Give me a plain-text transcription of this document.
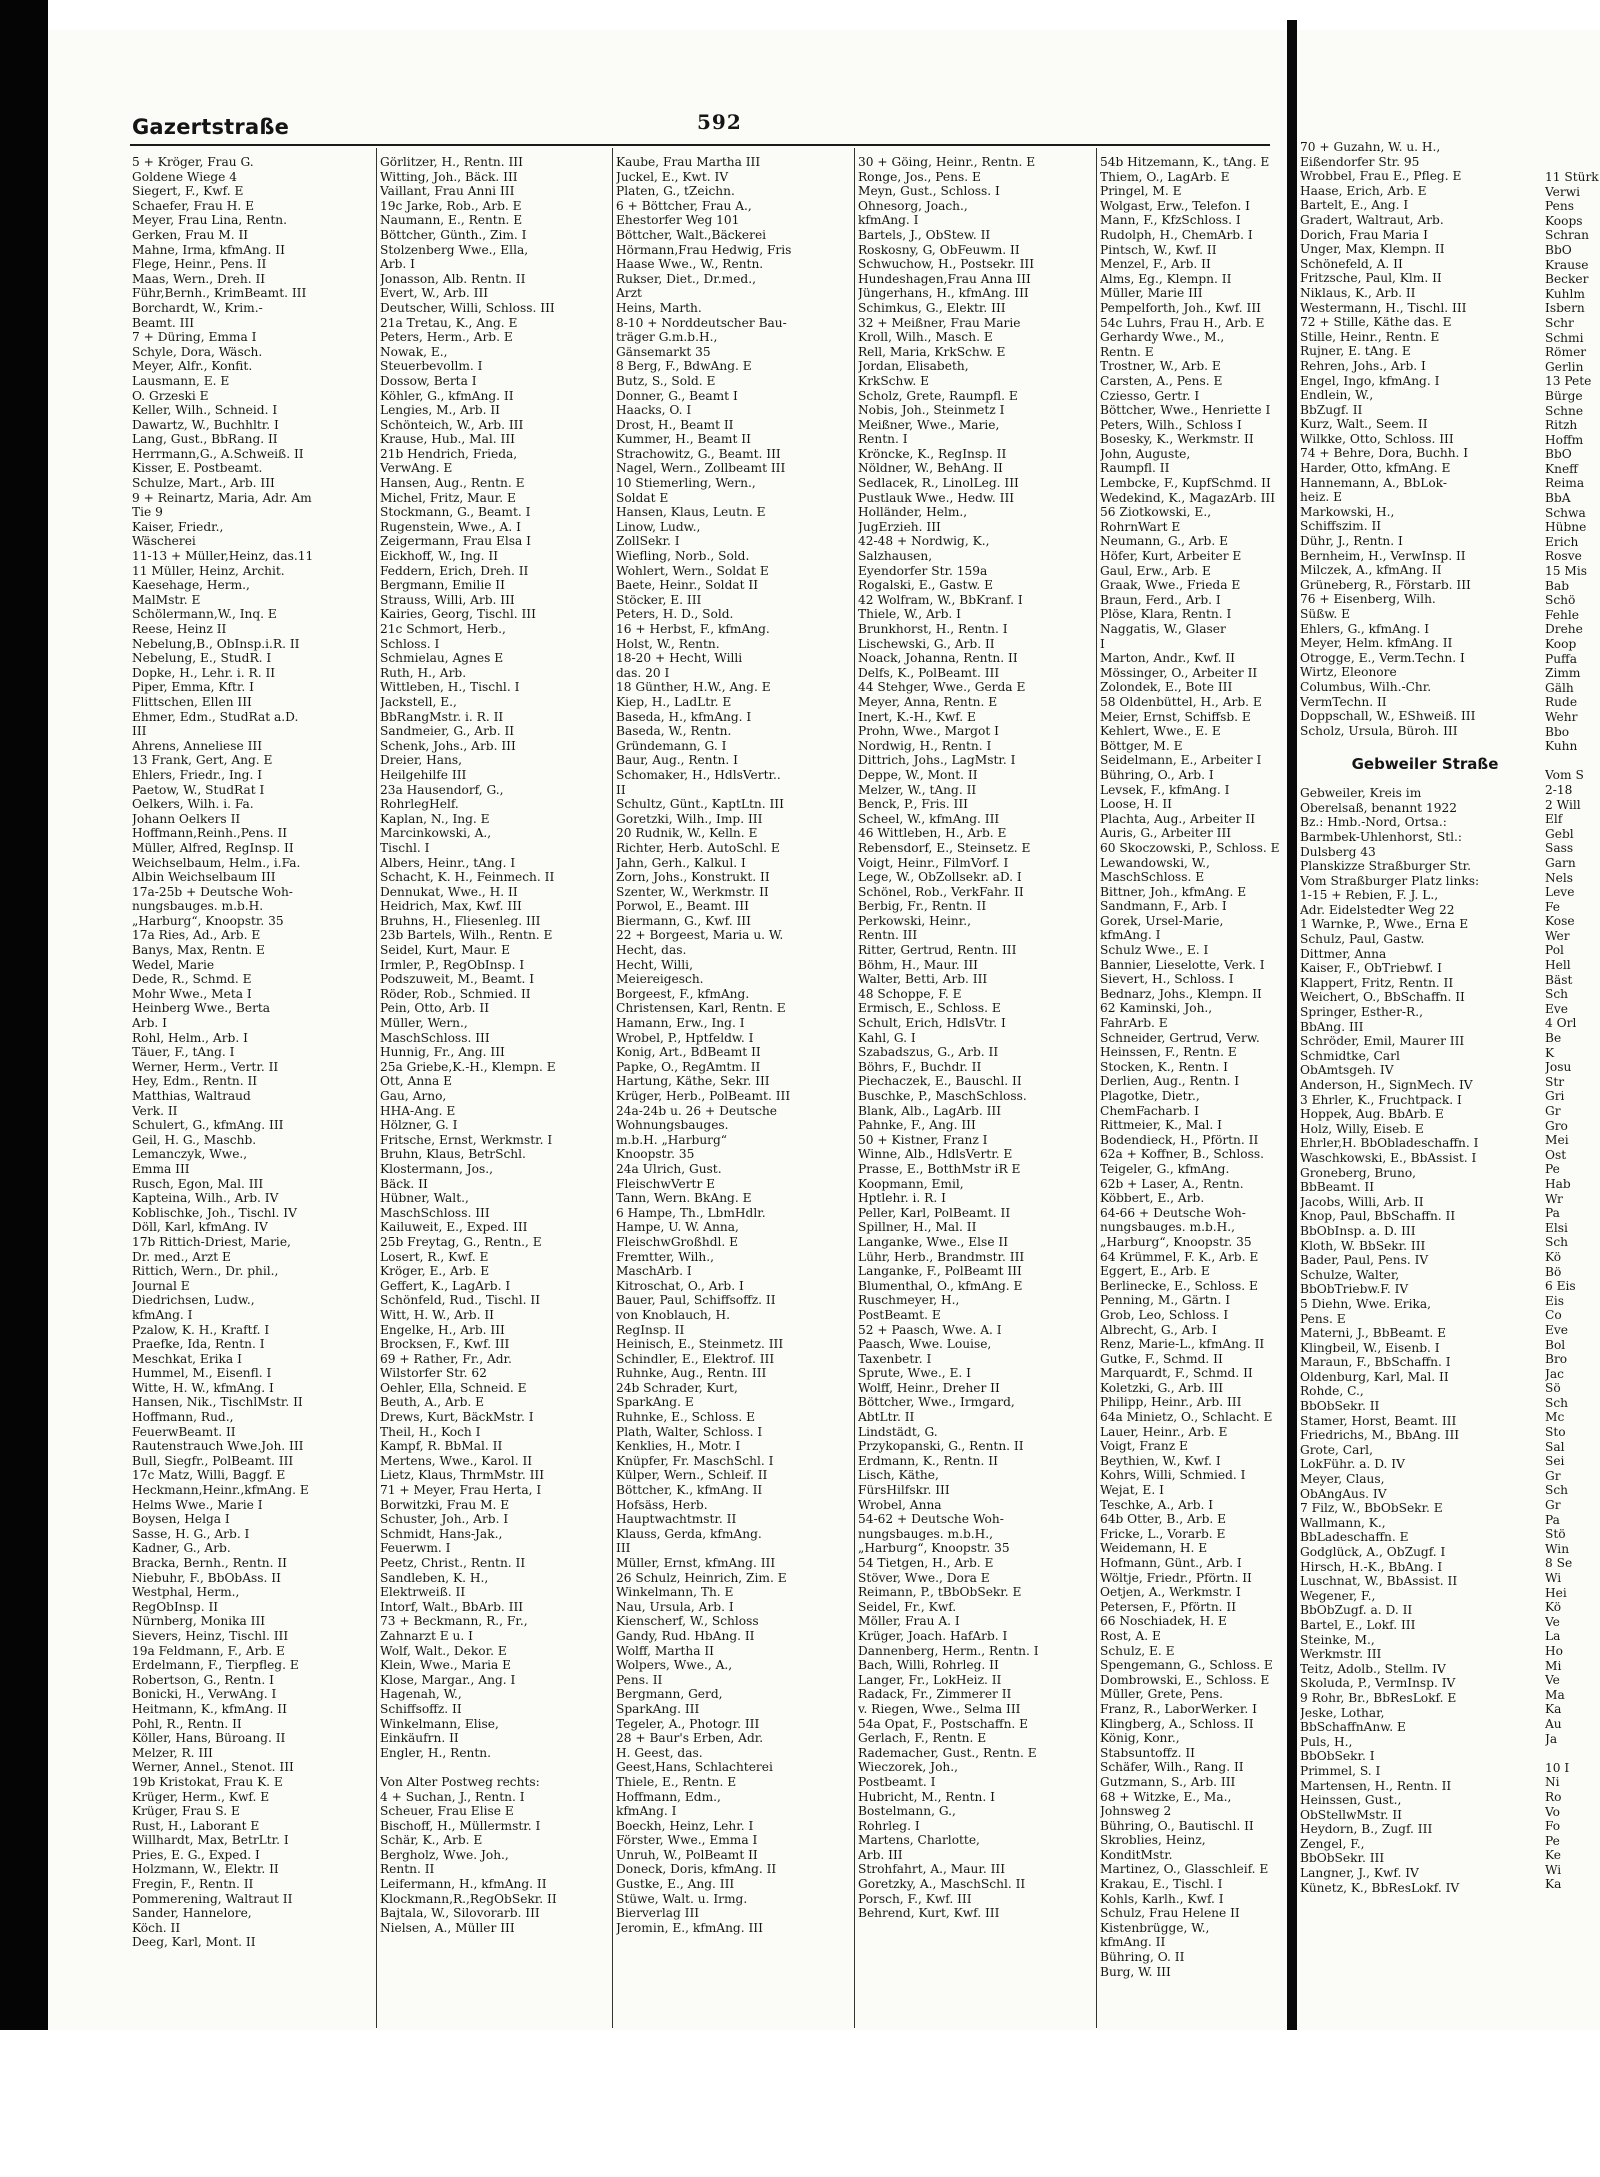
11 Stürk
Verwi
Pens
Koops
Schran
BbO
Krause
Becker
Kuhlm
Isbern
Schr
Schmi
Römer
Gerlin
13 Pete
Bürge
Schne
Ritzh
Hoffm
BbO
Kneff
Reima
BbA
Schwa
Hübne
Erich
Rosve
15 Mis
Bab
Schö
Fehle
Drehe
Koop
Puffa
Zimm
Gälh
Rude
Wehr
Bbo
Kuhn
Vom S
2-18
2 Will
Elf
Gebl
Sass
Garn
Nels
Leve
Fe
Kose
Wer
Pol
Hell
Bäst
Sch
Eve
4 Orl
Be
K
Josu
Str
Gri
Gr
Gro
Mei
Ost
Pe
Hab
Wr
Pa
Elsi
Sch
Kö
Bö
6 Eis
Eis
Co
Eve
Bol
Bro
Jac
Sö
Sch
Mc
Sto
Sal
Sei
Gr
Sch
Gr
Pa
Stö
Win
8 Se
Wi
Hei
Kö
Ve
La
Ho
Mi
Ve
Ma
Ka
Au
Ja
10 I
Ni
Ro
Vo
Fo
Pe
Ke
Wi
Ka
Gazertstraße	592
5 + Kröger, Frau G.
Goldene Wiege 4
Siegert, F., Kwf. E
Schaefer, Frau H. E
Meyer, Frau Lina, Rentn.
Gerken, Frau M. II
Mahne, Irma, kfmAng. II
Flege, Heinr., Pens. II
Maas, Wern., Dreh. II
Führ,Bernh., KrimBeamt. III
Borchardt, W., Krim.-
Beamt. III
7 + Düring, Emma I
Schyle, Dora, Wäsch.
Meyer, Alfr., Konfit.
Lausmann, E. E
O. Grzeski E
Keller, Wilh., Schneid. I
Dawartz, W., Buchhltr. I
Lang, Gust., BbRang. II
Herrmann,G., A.Schweiß. II
Kisser, E. Postbeamt.
Schulze, Mart., Arb. III
9 + Reinartz, Maria, Adr. Am
Tie 9
Kaiser, Friedr.,
Wäscherei
11-13 + Müller,Heinz, das.11
11 Müller, Heinz, Archit.
Kaesehage, Herm.,
MalMstr. E
Schölermann,W., Inq. E
Reese, Heinz II
Nebelung,B., ObInsp.i.R. II
Nebelung, E., StudR. I
Dopke, H., Lehr. i. R. II
Piper, Emma, Kftr. I
Flittschen, Ellen III
Ehmer, Edm., StudRat a.D.
III
Ahrens, Anneliese III
13 Frank, Gert, Ang. E
Ehlers, Friedr., Ing. I
Paetow, W., StudRat I
Oelkers, Wilh. i. Fa.
Johann Oelkers II
Hoffmann,Reinh.,Pens. II
Müller, Alfred, RegInsp. II
Weichselbaum, Helm., i.Fa.
Albin Weichselbaum III
17a-25b + Deutsche Woh-
nungsbauges. m.b.H.
„Harburg“, Knoopstr. 35
17a Ries, Ad., Arb. E
Banys, Max, Rentn. E
Wedel, Marie
Dede, R., Schmd. E
Mohr Wwe., Meta I
Heinberg Wwe., Berta
Arb. I
Rohl, Helm., Arb. I
Täuer, F., tAng. I
Werner, Herm., Vertr. II
Hey, Edm., Rentn. II
Matthias, Waltraud
Verk. II
Schulert, G., kfmAng. III
Geil, H. G., Maschb.
Lemanczyk, Wwe.,
Emma III
Rusch, Egon, Mal. III
Kapteina, Wilh., Arb. IV
Koblischke, Joh., Tischl. IV
Döll, Karl, kfmAng. IV
17b Rittich-Driest, Marie,
Dr. med., Arzt E
Rittich, Wern., Dr. phil.,
Journal E
Diedrichsen, Ludw.,
kfmAng. I
Pzalow, K. H., Kraftf. I
Praefke, Ida, Rentn. I
Meschkat, Erika I
Hummel, M., Eisenfl. I
Witte, H. W., kfmAng. I
Hansen, Nik., TischlMstr. II
Hoffmann, Rud.,
FeuerwBeamt. II
Rautenstrauch Wwe.Joh. III
Bull, Siegfr., PolBeamt. III
17c Matz, Willi, Baggf. E
Heckmann,Heinr.,kfmAng. E
Helms Wwe., Marie I
Boysen, Helga I
Sasse, H. G., Arb. I
Kadner, G., Arb.
Bracka, Bernh., Rentn. II
Niebuhr, F., BbObAss. II
Westphal, Herm.,
RegObInsp. II
Nürnberg, Monika III
Sievers, Heinz, Tischl. III
19a Feldmann, F., Arb. E
Erdelmann, F., Tierpfleg. E
Robertson, G., Rentn. I
Bonicki, H., VerwAng. I
Heitmann, K., kfmAng. II
Pohl, R., Rentn. II
Köller, Hans, Büroang. II
Melzer, R. III
Werner, Annel., Stenot. III
19b Kristokat, Frau K. E
Krüger, Herm., Kwf. E
Krüger, Frau S. E
Rust, H., Laborant E
Willhardt, Max, BetrLtr. I
Pries, E. G., Exped. I
Holzmann, W., Elektr. II
Fregin, F., Rentn. II
Pommerening, Waltraut II
Sander, Hannelore,
Köch. II
Deeg, Karl, Mont. II
Görlitzer, H., Rentn. III
Witting, Joh., Bäck. III
Vaillant, Frau Anni III
19c Jarke, Rob., Arb. E
Naumann, E., Rentn. E
Böttcher, Günth., Zim. I
Stolzenberg Wwe., Ella,
Arb. I
Jonasson, Alb. Rentn. II
Evert, W., Arb. III
Deutscher, Willi, Schloss. III
21a Tretau, K., Ang. E
Peters, Herm., Arb. E
Nowak, E.,
Steuerbevollm. I
Dossow, Berta I
Köhler, G., kfmAng. II
Lengies, M., Arb. II
Schönteich, W., Arb. III
Krause, Hub., Mal. III
21b Hendrich, Frieda,
VerwAng. E
Hansen, Aug., Rentn. E
Michel, Fritz, Maur. E
Stockmann, G., Beamt. I
Rugenstein, Wwe., A. I
Zeigermann, Frau Elsa I
Eickhoff, W., Ing. II
Feddern, Erich, Dreh. II
Bergmann, Emilie II
Strauss, Willi, Arb. III
Kairies, Georg, Tischl. III
21c Schmort, Herb.,
Schloss. I
Schmielau, Agnes E
Ruth, H., Arb.
Wittleben, H., Tischl. I
Jackstell, E.,
BbRangMstr. i. R. II
Sandmeier, G., Arb. II
Schenk, Johs., Arb. III
Dreier, Hans,
Heilgehilfe III
23a Hausendorf, G.,
RohrlegHelf.
Kaplan, N., Ing. E
Marcinkowski, A.,
Tischl. I
Albers, Heinr., tAng. I
Schacht, K. H., Feinmech. II
Dennukat, Wwe., H. II
Heidrich, Max, Kwf. III
Bruhns, H., Fliesenleg. III
23b Bartels, Wilh., Rentn. E
Seidel, Kurt, Maur. E
Irmler, P., RegObInsp. I
Podszuweit, M., Beamt. I
Röder, Rob., Schmied. II
Pein, Otto, Arb. II
Müller, Wern.,
MaschSchloss. III
Hunnig, Fr., Ang. III
25a Griebe,K.-H., Klempn. E
Ott, Anna E
Gau, Arno,
HHA-Ang. E
Hölzner, G. I
Fritsche, Ernst, Werkmstr. I
Bruhn, Klaus, BetrSchl.
Klostermann, Jos.,
Bäck. II
Hübner, Walt.,
MaschSchloss. III
Kailuweit, E., Exped. III
25b Freytag, G., Rentn., E
Losert, R., Kwf. E
Kröger, E., Arb. E
Geffert, K., LagArb. I
Schönfeld, Rud., Tischl. II
Witt, H. W., Arb. II
Engelke, H., Arb. III
Brocksen, F., Kwf. III
69 + Rather, Fr., Adr.
Wilstorfer Str. 62
Oehler, Ella, Schneid. E
Beuth, A., Arb. E
Drews, Kurt, BäckMstr. I
Theil, H., Koch I
Kampf, R. BbMal. II
Mertens, Wwe., Karol. II
Lietz, Klaus, ThrmMstr. III
71 + Meyer, Frau Herta, I
Borwitzki, Frau M. E
Schuster, Joh., Arb. I
Schmidt, Hans-Jak.,
Feuerwm. I
Peetz, Christ., Rentn. II
Sandleben, K. H.,
Elektrweiß. II
Intorf, Walt., BbArb. III
73 + Beckmann, R., Fr.,
Zahnarzt E u. I
Wolf, Walt., Dekor. E
Klein, Wwe., Maria E
Klose, Margar., Ang. I
Hagenah, W.,
Schiffsoffz. II
Winkelmann, Elise,
Einkäufrn. II
Engler, H., Rentn.
Von Alter Postweg rechts:
4 + Suchan, J., Rentn. I
Scheuer, Frau Elise E
Bischoff, H., Müllermstr. I
Schär, K., Arb. E
Bergholz, Wwe. Joh.,
Rentn. II
Leifermann, H., kfmAng. II
Klockmann,R.,RegObSekr. II
Bajtala, W., Silovorarb. III
Nielsen, A., Müller III
Kaube, Frau Martha III
Juckel, E., Kwt. IV
Platen, G., tZeichn.
6 + Böttcher, Frau A.,
Ehestorfer Weg 101
Böttcher, Walt.,Bäckerei
Hörmann,Frau Hedwig, Fris
Haase Wwe., W., Rentn.
Rukser, Diet., Dr.med.,
Arzt
Heins, Marth.
8-10 + Norddeutscher Bau-
träger G.m.b.H.,
Gänsemarkt 35
8 Berg, F., BdwAng. E
Butz, S., Sold. E
Donner, G., Beamt I
Haacks, O. I
Drost, H., Beamt II
Kummer, H., Beamt II
Strachowitz, G., Beamt. III
Nagel, Wern., Zollbeamt III
10 Stiemerling, Wern.,
Soldat E
Hansen, Klaus, Leutn. E
Linow, Ludw.,
ZollSekr. I
Wiefling, Norb., Sold.
Wohlert, Wern., Soldat E
Baete, Heinr., Soldat II
Stöcker, E. III
Peters, H. D., Sold.
16 + Herbst, F., kfmAng.
Holst, W., Rentn.
18-20 + Hecht, Willi
das. 20 I
18 Günther, H.W., Ang. E
Kiep, H., LadLtr. E
Baseda, H., kfmAng. I
Baseda, W., Rentn.
Gründemann, G. I
Baur, Aug., Rentn. I
Schomaker, H., HdlsVertr..
II
Schultz, Günt., KaptLtn. III
Goretzki, Wilh., Imp. III
20 Rudnik, W., Kelln. E
Richter, Herb. AutoSchl. E
Jahn, Gerh., Kalkul. I
Zorn, Johs., Konstrukt. II
Szenter, W., Werkmstr. II
Porwol, E., Beamt. III
Biermann, G., Kwf. III
22 + Borgeest, Maria u. W.
Hecht, das.
Hecht, Willi,
Meiereigesch.
Borgeest, F., kfmAng.
Christensen, Karl, Rentn. E
Hamann, Erw., Ing. I
Wrobel, P., Hptfeldw. I
Konig, Art., BdBeamt II
Papke, O., RegAmtm. II
Hartung, Käthe, Sekr. III
Krüger, Herb., PolBeamt. III
24a-24b u. 26 + Deutsche
Wohnungsbauges.
m.b.H. „Harburg“
Knoopstr. 35
24a Ulrich, Gust.
FleischwVertr E
Tann, Wern. BkAng. E
6 Hampe, Th., LbmHdlr.
Hampe, U. W. Anna,
FleischwGroßhdl. E
Fremtter, Wilh.,
MaschArb. I
Kitroschat, O., Arb. I
Bauer, Paul, Schiffsoffz. II
von Knoblauch, H.
RegInsp. II
Heinisch, E., Steinmetz. III
Schindler, E., Elektrof. III
Ruhnke, Aug., Rentn. III
24b Schrader, Kurt,
SparkAng. E
Ruhnke, E., Schloss. E
Plath, Walter, Schloss. I
Kenklies, H., Motr. I
Knüpfer, Fr. MaschSchl. I
Külper, Wern., Schleif. II
Böttcher, K., kfmAng. II
Hofsäss, Herb.
Hauptwachtmstr. II
Klauss, Gerda, kfmAng.
III
Müller, Ernst, kfmAng. III
26 Schulz, Heinrich, Zim. E
Winkelmann, Th. E
Nau, Ursula, Arb. I
Kienscherf, W., Schloss
Gandy, Rud. HbAng. II
Wolff, Martha II
Wolpers, Wwe., A.,
Pens. II
Bergmann, Gerd,
SparkAng. III
Tegeler, A., Photogr. III
28 + Baur's Erben, Adr.
H. Geest, das.
Geest,Hans, Schlachterei
Thiele, E., Rentn. E
Hoffmann, Edm.,
kfmAng. I
Boeckh, Heinz, Lehr. I
Förster, Wwe., Emma I
Unruh, W., PolBeamt II
Doneck, Doris, kfmAng. II
Gustke, E., Ang. III
Stüwe, Walt. u. Irmg.
Bierverlag III
Jeromin, E., kfmAng. III
30 + Göing, Heinr., Rentn. E
Ronge, Jos., Pens. E
Meyn, Gust., Schloss. I
Ohnesorg, Joach.,
kfmAng. I
Bartels, J., ObStew. II
Roskosny, G, ObFeuwm. II
Schwuchow, H., Postsekr. III
Hundeshagen,Frau Anna III
Jüngerhans, H., kfmAng. III
Schimkus, G., Elektr. III
32 + Meißner, Frau Marie
Kroll, Wilh., Masch. E
Rell, Maria, KrkSchw. E
Jordan, Elisabeth,
KrkSchw. E
Scholz, Grete, Raumpfl. E
Nobis, Joh., Steinmetz I
Meißner, Wwe., Marie,
Rentn. I
Kröncke, K., RegInsp. II
Nöldner, W., BehAng. II
Sedlacek, R., LinolLeg. III
Pustlauk Wwe., Hedw. III
Holländer, Helm.,
JugErzieh. III
42-48 + Nordwig, K.,
Salzhausen,
Eyendorfer Str. 159a
Rogalski, E., Gastw. E
42 Wolfram, W., BbKranf. I
Thiele, W., Arb. I
Brunkhorst, H., Rentn. I
Lischewski, G., Arb. II
Noack, Johanna, Rentn. II
Delfs, K., PolBeamt. III
44 Stehger, Wwe., Gerda E
Meyer, Anna, Rentn. E
Inert, K.-H., Kwf. E
Prohn, Wwe., Margot I
Nordwig, H., Rentn. I
Dittrich, Johs., LagMstr. I
Deppe, W., Mont. II
Melzer, W., tAng. II
Benck, P., Fris. III
Scheel, W., kfmAng. III
46 Wittleben, H., Arb. E
Rebensdorf, E., Steinsetz. E
Voigt, Heinr., FilmVorf. I
Lege, W., ObZollsekr. aD. I
Schönel, Rob., VerkFahr. II
Berbig, Fr., Rentn. II
Perkowski, Heinr.,
Rentn. III
Ritter, Gertrud, Rentn. III
Böhm, H., Maur. III
Walter, Betti, Arb. III
48 Schoppe, F. E
Ermisch, E., Schloss. E
Schult, Erich, HdlsVtr. I
Kahl, G. I
Szabadszus, G., Arb. II
Böhrs, F., Buchdr. II
Piechaczek, E., Bauschl. II
Buschke, P., MaschSchloss.
Blank, Alb., LagArb. III
Pahnke, F., Ang. III
50 + Kistner, Franz I
Winne, Alb., HdlsVertr. E
Prasse, E., BotthMstr iR E
Koopmann, Emil,
Hptlehr. i. R. I
Peller, Karl, PolBeamt. II
Spillner, H., Mal. II
Langanke, Wwe., Else II
Lühr, Herb., Brandmstr. III
Langanke, F., PolBeamt III
Blumenthal, O., kfmAng. E
Ruschmeyer, H.,
PostBeamt. E
52 + Paasch, Wwe. A. I
Paasch, Wwe. Louise,
Taxenbetr. I
Sprute, Wwe., E. I
Wolff, Heinr., Dreher II
Böttcher, Wwe., Irmgard,
AbtLtr. II
Lindstädt, G.
Przykopanski, G., Rentn. II
Erdmann, K., Rentn. II
Lisch, Käthe,
FürsHilfskr. III
Wrobel, Anna
54-62 + Deutsche Woh-
nungsbauges. m.b.H.,
„Harburg“, Knoopstr. 35
54 Tietgen, H., Arb. E
Stöver, Wwe., Dora E
Reimann, P., tBbObSekr. E
Seidel, Fr., Kwf.
Möller, Frau A. I
Krüger, Joach. HafArb. I
Dannenberg, Herm., Rentn. I
Bach, Willi, Rohrleg. II
Langer, Fr., LokHeiz. II
Radack, Fr., Zimmerer II
v. Riegen, Wwe., Selma III
54a Opat, F., Postschaffn. E
Gerlach, F., Rentn. E
Rademacher, Gust., Rentn. E
Wieczorek, Joh.,
Postbeamt. I
Hubricht, M., Rentn. I
Bostelmann, G.,
Rohrleg. I
Martens, Charlotte,
Arb. III
Strohfahrt, A., Maur. III
Goretzky, A., MaschSchl. II
Porsch, F., Kwf. III
Behrend, Kurt, Kwf. III
54b Hitzemann, K., tAng. E
Thiem, O., LagArb. E
Pringel, M. E
Wolgast, Erw., Telefon. I
Mann, F., KfzSchloss. I
Rudolph, H., ChemArb. I
Pintsch, W., Kwf. II
Menzel, F., Arb. II
Alms, Eg., Klempn. II
Müller, Marie III
Pempelforth, Joh., Kwf. III
54c Luhrs, Frau H., Arb. E
Gerhardy Wwe., M.,
Rentn. E
Trostner, W., Arb. E
Carsten, A., Pens. E
Cziesso, Gertr. I
Böttcher, Wwe., Henriette I
Peters, Wilh., Schloss I
Bosesky, K., Werkmstr. II
John, Auguste,
Raumpfl. II
Lembcke, F., KupfSchmd. II
Wedekind, K., MagazArb. III
56 Ziotkowski, E.,
RohrnWart E
Neumann, G., Arb. E
Höfer, Kurt, Arbeiter E
Gaul, Erw., Arb. E
Graak, Wwe., Frieda E
Braun, Ferd., Arb. I
Plöse, Klara, Rentn. I
Naggatis, W., Glaser
I
Marton, Andr., Kwf. II
Mössinger, O., Arbeiter II
Zolondek, E., Bote III
58 Oldenbüttel, H., Arb. E
Meier, Ernst, Schiffsb. E
Kehlert, Wwe., E. E
Böttger, M. E
Seidelmann, E., Arbeiter I
Bühring, O., Arb. I
Levsek, F., kfmAng. I
Loose, H. II
Plachta, Aug., Arbeiter II
Auris, G., Arbeiter III
60 Skoczowski, P., Schloss. E
Lewandowski, W.,
MaschSchloss. E
Bittner, Joh., kfmAng. E
Sandmann, F., Arb. I
Gorek, Ursel-Marie,
kfmAng. I
Schulz Wwe., E. I
Bannier, Lieselotte, Verk. I
Sievert, H., Schloss. I
Bednarz, Johs., Klempn. II
62 Kaminski, Joh.,
FahrArb. E
Schneider, Gertrud, Verw.
Heinssen, F., Rentn. E
Stocken, K., Rentn. I
Derlien, Aug., Rentn. I
Plagotke, Dietr.,
ChemFacharb. I
Rittmeier, K., Mal. I
Bodendieck, H., Pförtn. II
62a + Koffner, B., Schloss.
Teigeler, G., kfmAng.
62b + Laser, A., Rentn.
Köbbert, E., Arb.
64-66 + Deutsche Woh-
nungsbauges. m.b.H.,
„Harburg“, Knoopstr. 35
64 Krümmel, F. K., Arb. E
Eggert, E., Arb. E
Berlinecke, E., Schloss. E
Penning, M., Gärtn. I
Grob, Leo, Schloss. I
Albrecht, G., Arb. I
Renz, Marie-L., kfmAng. II
Gutke, F., Schmd. II
Marquardt, F., Schmd. II
Koletzki, G., Arb. III
Philipp, Heinr., Arb. III
64a Minietz, O., Schlacht. E
Lauer, Heinr., Arb. E
Voigt, Franz E
Beythien, W., Kwf. I
Kohrs, Willi, Schmied. I
Wejat, E. I
Teschke, A., Arb. I
64b Otter, B., Arb. E
Fricke, L., Vorarb. E
Weidemann, H. E
Hofmann, Günt., Arb. I
Wöltje, Friedr., Pförtn. II
Oetjen, A., Werkmstr. I
Petersen, F., Pförtn. II
66 Noschiadek, H. E
Rost, A. E
Schulz, E. E
Spengemann, G., Schloss. E
Dombrowski, E., Schloss. E
Müller, Grete, Pens.
Franz, R., LaborWerker. I
Klingberg, A., Schloss. II
König, Konr.,
Stabsuntoffz. II
Schäfer, Wilh., Rang. II
Gutzmann, S., Arb. III
68 + Witzke, E., Ma.,
Johnsweg 2
Bühring, O., Bautischl. II
Skroblies, Heinz,
KonditMstr.
Martinez, O., Glasschleif. E
Krakau, E., Tischl. I
Kohls, Karlh., Kwf. I
Schulz, Frau Helene II
Kistenbrügge, W.,
kfmAng. II
Bühring, O. II
Burg, W. III
70 + Guzahn, W. u. H.,
Eißendorfer Str. 95
Wrobbel, Frau E., Pfleg. E
Haase, Erich, Arb. E
Bartelt, E., Ang. I
Gradert, Waltraut, Arb.
Dorich, Frau Maria I
Unger, Max, Klempn. II
Schönefeld, A. II
Fritzsche, Paul, Klm. II
Niklaus, K., Arb. II
Westermann, H., Tischl. III
72 + Stille, Käthe das. E
Stille, Heinr., Rentn. E
Rujner, E. tAng. E
Rehren, Johs., Arb. I
Engel, Ingo, kfmAng. I
Endlein, W.,
BbZugf. II
Kurz, Walt., Seem. II
Wilkke, Otto, Schloss. III
74 + Behre, Dora, Buchh. I
Harder, Otto, kfmAng. E
Hannemann, A., BbLok-
heiz. E
Markowski, H.,
Schiffszim. II
Dühr, J., Rentn. I
Bernheim, H., VerwInsp. II
Milczek, A., kfmAng. II
Grüneberg, R., Förstarb. III
76 + Eisenberg, Wilh.
Süßw. E
Ehlers, G., kfmAng. I
Meyer, Helm. kfmAng. II
Otrogge, E., Verm.Techn. I
Wirtz, Eleonore
Columbus, Wilh.-Chr.
VermTechn. II
Doppschall, W., EShweiß. III
Scholz, Ursula, Büroh. III
Gebweiler Straße
Gebweiler, Kreis im
Oberelsaß, benannt 1922
Bz.: Hmb.-Nord, Ortsa.:
Barmbek-Uhlenhorst, Stl.:
Dulsberg 43
Planskizze Straßburger Str.
Vom Straßburger Platz links:
1-15 + Rebien, F. J. L.,
Adr. Eidelstedter Weg 22
1 Warnke, P., Wwe., Erna E
Schulz, Paul, Gastw.
Dittmer, Anna
Kaiser, F., ObTriebwf. I
Klappert, Fritz, Rentn. II
Weichert, O., BbSchaffn. II
Springer, Esther-R.,
BbAng. III
Schröder, Emil, Maurer III
Schmidtke, Carl
ObAmtsgeh. IV
Anderson, H., SignMech. IV
3 Ehrler, K., Fruchtpack. I
Hoppek, Aug. BbArb. E
Holz, Willy, Eiseb. E
Ehrler,H. BbObladeschaffn. I
Waschkowski, E., BbAssist. I
Groneberg, Bruno,
BbBeamt. II
Jacobs, Willi, Arb. II
Knop, Paul, BbSchaffn. II
BbObInsp. a. D. III
Kloth, W. BbSekr. III
Bader, Paul, Pens. IV
Schulze, Walter,
BbObTriebw.F. IV
5 Diehn, Wwe. Erika,
Pens. E
Materni, J., BbBeamt. E
Klingbeil, W., Eisenb. I
Maraun, F., BbSchaffn. I
Oldenburg, Karl, Mal. II
Rohde, C.,
BbObSekr. II
Stamer, Horst, Beamt. III
Friedrichs, M., BbAng. III
Grote, Carl,
LokFühr. a. D. IV
Meyer, Claus,
ObAngAus. IV
7 Filz, W., BbObSekr. E
Wallmann, K.,
BbLadeschaffn. E
Godglück, A., ObZugf. I
Hirsch, H.-K., BbAng. I
Luschnat, W., BbAssist. II
Wegener, F.,
BbObZugf. a. D. II
Bartel, E., Lokf. III
Steinke, M.,
Werkmstr. III
Teitz, Adolb., Stellm. IV
Skoluda, P., VermInsp. IV
9 Rohr, Br., BbResLokf. E
Jeske, Lothar,
BbSchaffnAnw. E
Puls, H.,
BbObSekr. I
Primmel, S. I
Martensen, H., Rentn. II
Heinssen, Gust.,
ObStellwMstr. II
Heydorn, B., Zugf. III
Zengel, F.,
BbObSekr. III
Langner, J., Kwf. IV
Künetz, K., BbResLokf. IV
